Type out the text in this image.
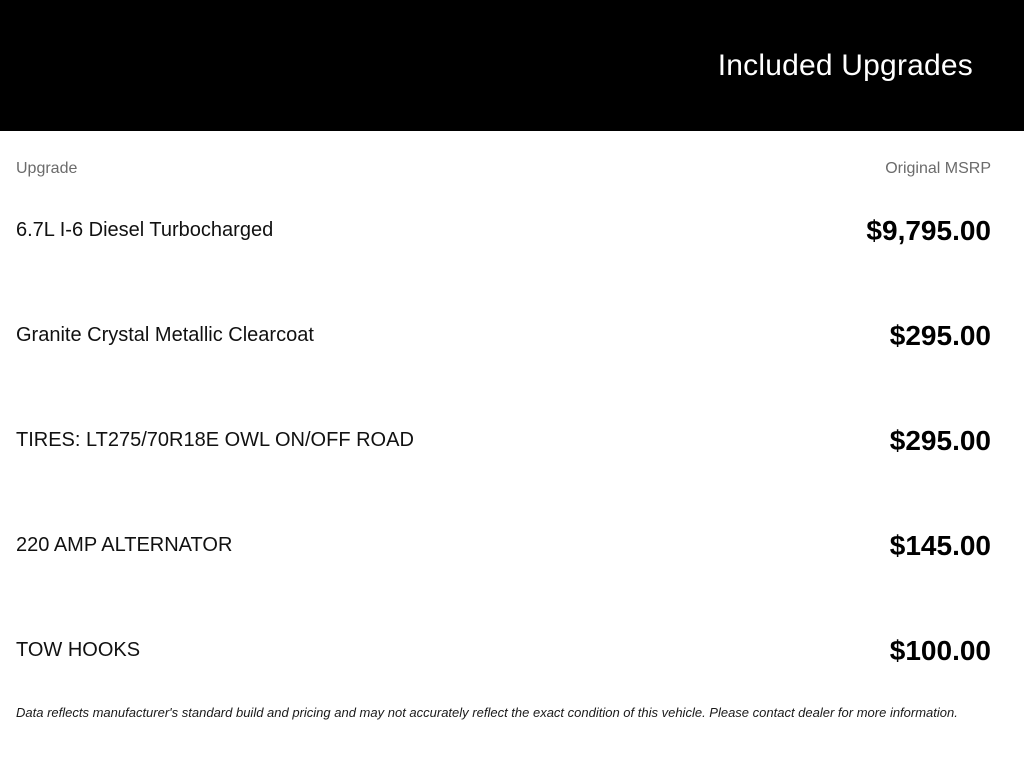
Included Upgrades
Upgrade	Original MSRP
6.7L I-6 Diesel Turbocharged	$9,795.00
Granite Crystal Metallic Clearcoat	$295.00
TIRES: LT275/70R18E OWL ON/OFF ROAD	$295.00
220 AMP ALTERNATOR	$145.00
TOW HOOKS	$100.00

Data reflects manufacturer's standard build and pricing and may not accurately reflect the exact condition of this vehicle. Please contact dealer for more information.
